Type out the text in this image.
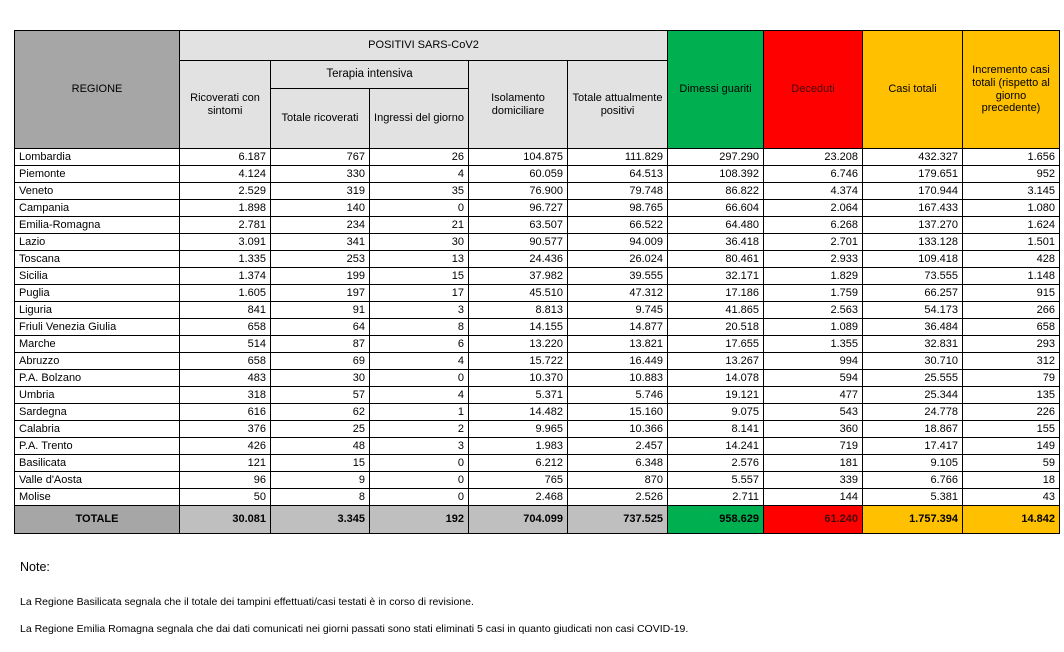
REGIONE	POSITIVI SARS-CoV2					Dimessi guariti	Deceduti	Casi totali	Incremento casi totali (rispetto al giorno precedente)
	Ricoverati con sintomi	Terapia intensiva		Isolamento domiciliare	Totale attualmente positivi				
		Totale ricoverati	Ingressi del giorno						
Lombardia	6.187	767	26	104.875	111.829	297.290	23.208	432.327	1.656
Piemonte	4.124	330	4	60.059	64.513	108.392	6.746	179.651	952
Veneto	2.529	319	35	76.900	79.748	86.822	4.374	170.944	3.145
Campania	1.898	140	0	96.727	98.765	66.604	2.064	167.433	1.080
Emilia-Romagna	2.781	234	21	63.507	66.522	64.480	6.268	137.270	1.624
Lazio	3.091	341	30	90.577	94.009	36.418	2.701	133.128	1.501
Toscana	1.335	253	13	24.436	26.024	80.461	2.933	109.418	428
Sicilia	1.374	199	15	37.982	39.555	32.171	1.829	73.555	1.148
Puglia	1.605	197	17	45.510	47.312	17.186	1.759	66.257	915
Liguria	841	91	3	8.813	9.745	41.865	2.563	54.173	266
Friuli Venezia Giulia	658	64	8	14.155	14.877	20.518	1.089	36.484	658
Marche	514	87	6	13.220	13.821	17.655	1.355	32.831	293
Abruzzo	658	69	4	15.722	16.449	13.267	994	30.710	312
P.A. Bolzano	483	30	0	10.370	10.883	14.078	594	25.555	79
Umbria	318	57	4	5.371	5.746	19.121	477	25.344	135
Sardegna	616	62	1	14.482	15.160	9.075	543	24.778	226
Calabria	376	25	2	9.965	10.366	8.141	360	18.867	155
P.A. Trento	426	48	3	1.983	2.457	14.241	719	17.417	149
Basilicata	121	15	0	6.212	6.348	2.576	181	9.105	59
Valle d'Aosta	96	9	0	765	870	5.557	339	6.766	18
Molise	50	8	0	2.468	2.526	2.711	144	5.381	43
TOTALE	30.081	3.345	192	704.099	737.525	958.629	61.240	1.757.394	14.842

Note:

La Regione Basilicata segnala che il totale dei tampini effettuati/casi testati è in corso di revisione.

La Regione Emilia Romagna segnala che dai dati comunicati nei giorni passati sono stati eliminati 5 casi in quanto giudicati non casi COVID-19.
